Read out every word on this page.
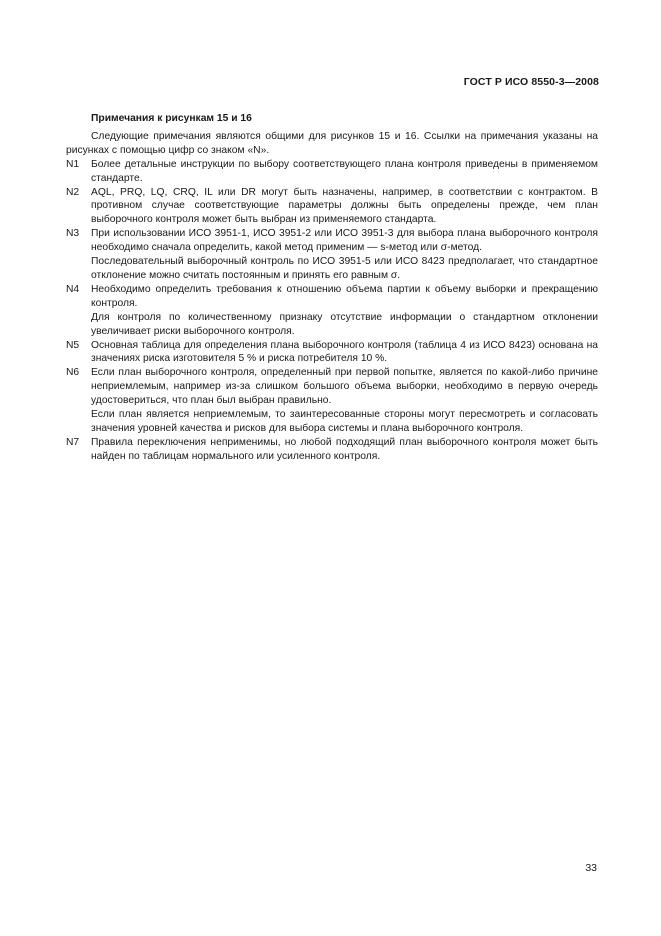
ГОСТ Р ИСО 8550-3—2008
Примечания к рисункам 15 и 16

Следующие примечания являются общими для рисунков 15 и 16. Ссылки на примечания указаны на рисунках с помощью цифр со знаком «N».

N1 Более детальные инструкции по выбору соответствующего плана контроля приведены в применяемом стандарте.

N2 AQL, PRQ, LQ, CRQ, IL или DR могут быть назначены, например, в соответствии с контрактом. В противном случае соответствующие параметры должны быть определены прежде, чем план выборочного контроля может быть выбран из применяемого стандарта.

N3 При использовании ИСО 3951-1, ИСО 3951-2 или ИСО 3951-3 для выбора плана выборочного контроля необходимо сначала определить, какой метод применим — s-метод или σ-метод.

Последовательный выборочный контроль по ИСО 3951-5 или ИСО 8423 предполагает, что стандартное отклонение можно считать постоянным и принять его равным σ.

N4 Необходимо определить требования к отношению объема партии к объему выборки и прекращению контроля.

Для контроля по количественному признаку отсутствие информации о стандартном отклонении увеличивает риски выборочного контроля.

N5 Основная таблица для определения плана выборочного контроля (таблица 4 из ИСО 8423) основана на значениях риска изготовителя 5 % и риска потребителя 10 %.

N6 Если план выборочного контроля, определенный при первой попытке, является по какой-либо причине неприемлемым, например из-за слишком большого объема выборки, необходимо в первую очередь удостовериться, что план был выбран правильно.

Если план является неприемлемым, то заинтересованные стороны могут пересмотреть и согласовать значения уровней качества и рисков для выбора системы и плана выборочного контроля.

N7 Правила переключения неприменимы, но любой подходящий план выборочного контроля может быть найден по таблицам нормального или усиленного контроля.

33
